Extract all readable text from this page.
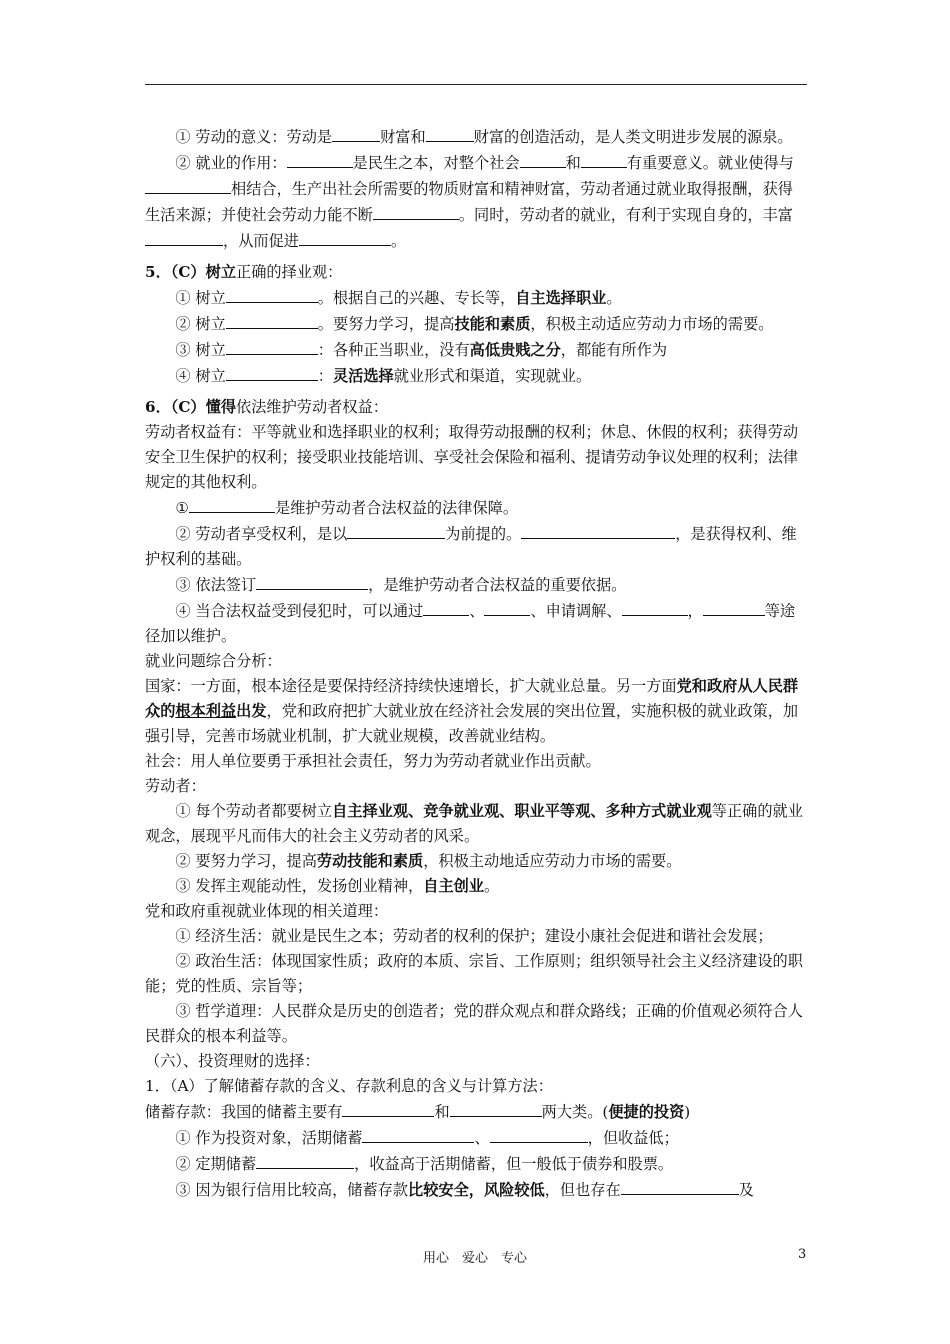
① 劳动的意义：劳动是	财富和	财富的创造活动，是人类文明进步发展的源泉。

② 就业的作用：	是民生之本，对整个社会	和	有重要意义。就业使得与相结合，生产出社会所需要的物质财富和精神财富，劳动者通过就业取得报酬，获得生活来源；并使社会劳动力能不断	。同时，劳动者的就业，有利于实现自身的，丰富，从而促进	。

5．（C）树立正确的择业观：

① 树立	。根据自己的兴趣、专长等，自主选择职业。

② 树立	。要努力学习，提高技能和素质，积极主动适应劳动力市场的需要。

③ 树立	：各种正当职业，没有高低贵贱之分，都能有所作为

④ 树立	：灵活选择就业形式和渠道，实现就业。

6．（C）懂得依法维护劳动者权益：

劳动者权益有：平等就业和选择职业的权利；取得劳动报酬的权利；休息、休假的权利；获得劳动安全卫生保护的权利；接受职业技能培训、享受社会保险和福利、提请劳动争议处理的权利；法律规定的其他权利。

①	是维护劳动者合法权益的法律保障。

② 劳动者享受权利，是以	为前提的。	，是获得权利、维护权利的基础。

③ 依法签订	，是维护劳动者合法权益的重要依据。

④ 当合法权益受到侵犯时，可以通过	、	、申请调解、	，	等途径加以维护。

就业问题综合分析：

国家：一方面，根本途径是要保持经济持续快速增长，扩大就业总量。另一方面党和政府从人民群众的根本利益出发，党和政府把扩大就业放在经济社会发展的突出位置，实施积极的就业政策，加强引导，完善市场就业机制，扩大就业规模，改善就业结构。

社会：用人单位要勇于承担社会责任，努力为劳动者就业作出贡献。

劳动者：

① 每个劳动者都要树立自主择业观、竞争就业观、职业平等观、多种方式就业观等正确的就业观念，展现平凡而伟大的社会主义劳动者的风采。

② 要努力学习，提高劳动技能和素质，积极主动地适应劳动力市场的需要。

③ 发挥主观能动性，发扬创业精神，自主创业。

党和政府重视就业体现的相关道理：

① 经济生活：就业是民生之本；劳动者的权利的保护；建设小康社会促进和谐社会发展；

② 政治生活：体现国家性质；政府的本质、宗旨、工作原则；组织领导社会主义经济建设的职能；党的性质、宗旨等；

③ 哲学道理：人民群众是历史的创造者；党的群众观点和群众路线；正确的价值观必须符合人民群众的根本利益等。

（六）、投资理财的选择：

1．（A）了解储蓄存款的含义、存款利息的含义与计算方法：

储蓄存款：我国的储蓄主要有	和	两大类。(便捷的投资)

① 作为投资对象，活期储蓄	、	，但收益低；

② 定期储蓄	，收益高于活期储蓄，但一般低于债券和股票。

③ 因为银行信用比较高，储蓄存款比较安全，风险较低，但也存在	及

用心　爱心　专心	3
